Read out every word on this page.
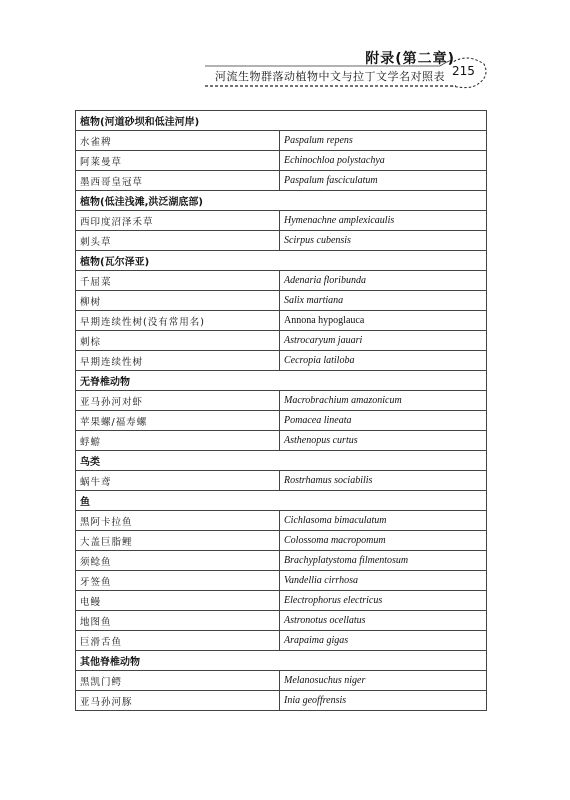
附录(第二章)
河流生物群落动植物中文与拉丁文学名对照表 215
植物(河道砂坝和低洼河岸)	
水雀稗	Paspalum repens
阿莱曼草	Echinochloa polystachya
墨西哥皇冠草	Paspalum fasciculatum
植物(低洼浅滩,洪泛湖底部)	
西印度沼泽禾草	Hymenachne amplexicaulis
刺头草	Scirpus cubensis
植物(瓦尔泽亚)	
千屈菜	Adenaria floribunda
柳树	Salix martiana
早期连续性树(没有常用名)	Annona hypoglauca
刺棕	Astrocaryum jauari
早期连续性树	Cecropia latiloba
无脊椎动物	
亚马孙河对虾	Macrobrachium amazonicum
苹果螺/福寿螺	Pomacea lineata
蜉蝣	Asthenopus curtus
鸟类	
蜗牛鸢	Rostrhamus sociabilis
鱼	
黑阿卡拉鱼	Cichlasoma bimaculatum
大盖巨脂鲤	Colossoma macropomum
须鲶鱼	Brachyplatystoma filmentosum
牙签鱼	Vandellia cirrhosa
电鳗	Electrophorus electricus
地图鱼	Astronotus ocellatus
巨滑舌鱼	Arapaima gigas
其他脊椎动物	
黑凯门鳄	Melanosuchus niger
亚马孙河豚	Inia geoffrensis
